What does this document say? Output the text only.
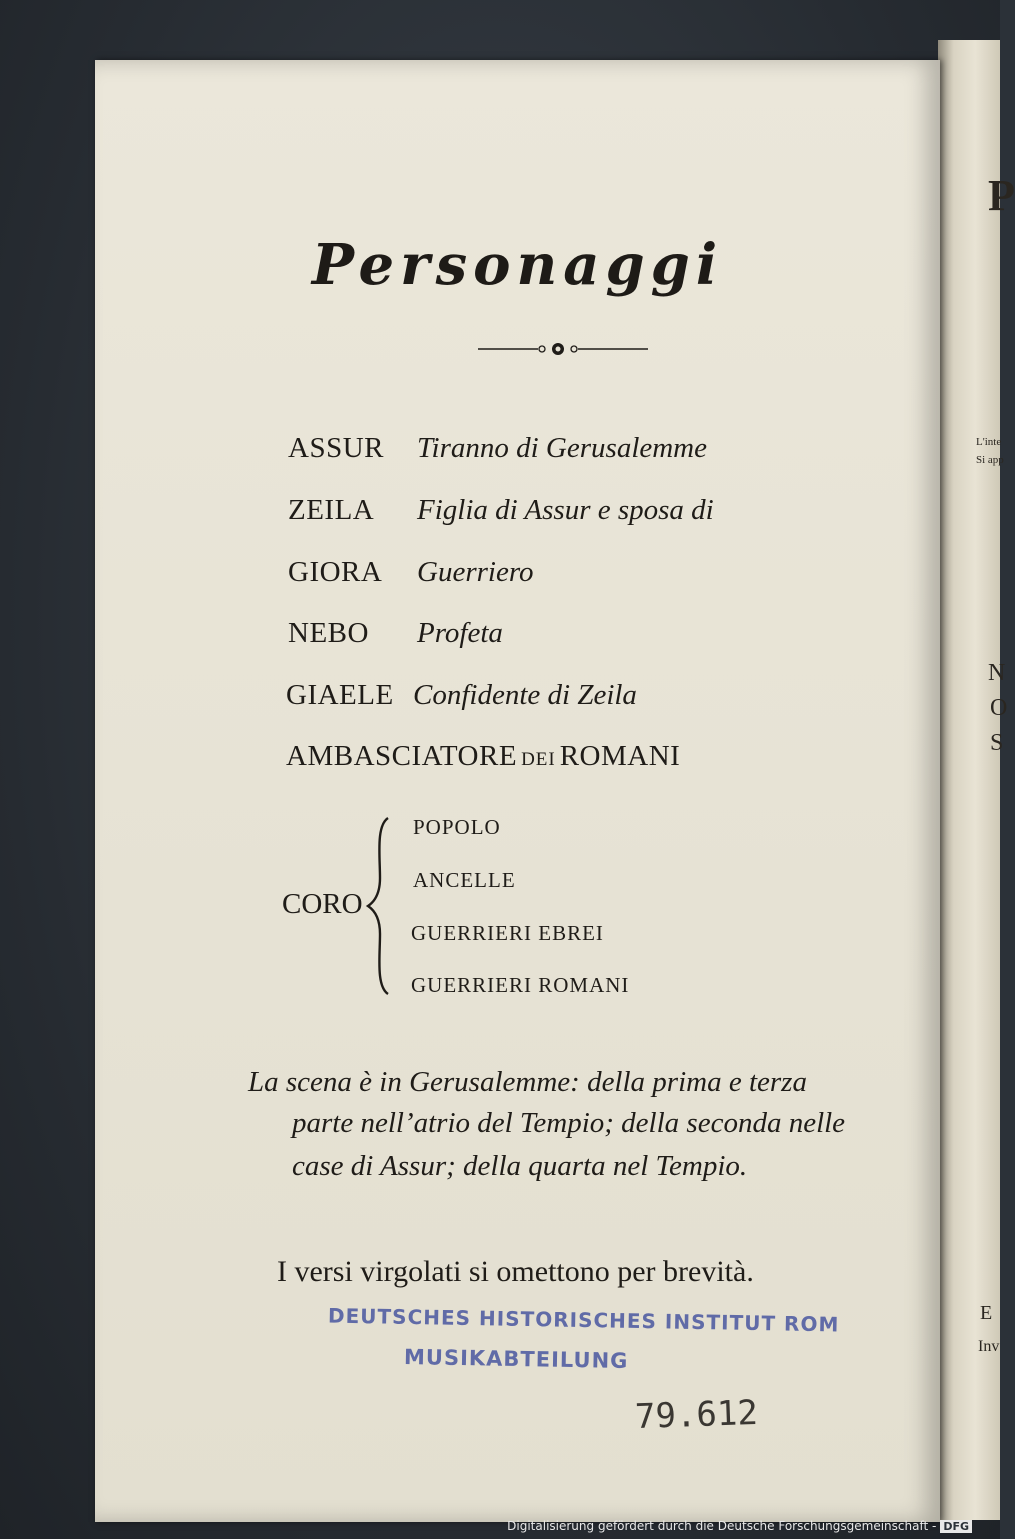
P
L'inte
Si app
N
O
S
E
Inv
Personaggi
ASSUR Tiranno di Gerusalemme
ZEILA Figlia di Assur e sposa di
GIORA Guerriero
NEBO Profeta
GIAELE Confidente di Zeila
AMBASCIATORE DEI ROMANI
CORO
POPOLO
ANCELLE
GUERRIERI EBREI
GUERRIERI ROMANI
La scena è in Gerusalemme: della prima e terza
parte nell’atrio del Tempio; della seconda nelle
case di Assur; della quarta nel Tempio.
I versi virgolati si omettono per brevità.
DEUTSCHES HISTORISCHES INSTITUT ROM
MUSIKABTEILUNG
79.612
Digitalisierung gefördert durch die Deutsche Forschungsgemeinschaft - DFG
